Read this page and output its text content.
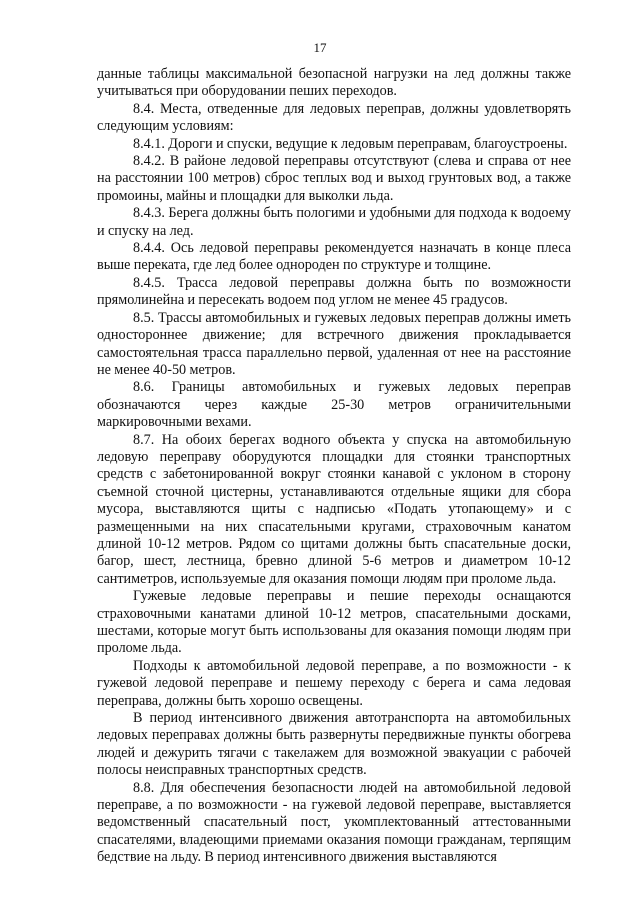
17

данные таблицы максимальной безопасной нагрузки на лед должны также учитываться при оборудовании пеших переходов.

8.4. Места, отведенные для ледовых переправ, должны удовлетворять следующим условиям:

8.4.1. Дороги и спуски, ведущие к ледовым переправам, благоустроены.

8.4.2. В районе ледовой переправы отсутствуют (слева и справа от нее на расстоянии 100 метров) сброс теплых вод и выход грунтовых вод, а также промоины, майны и площадки для выколки льда.

8.4.3. Берега должны быть пологими и удобными для подхода к водоему и спуску на лед.

8.4.4. Ось ледовой переправы рекомендуется назначать в конце плеса выше переката, где лед более однороден по структуре и толщине.

8.4.5. Трасса ледовой переправы должна быть по возможности прямолинейна и пересекать водоем под углом не менее 45 градусов.

8.5. Трассы автомобильных и гужевых ледовых переправ должны иметь одностороннее движение; для встречного движения прокладывается самостоятельная трасса параллельно первой, удаленная от нее на расстояние не менее 40-50 метров.

8.6. Границы автомобильных и гужевых ледовых переправ обозначаются через каждые 25-30 метров ограничительными маркировочными вехами.

8.7. На обоих берегах водного объекта у спуска на автомобильную ледовую переправу оборудуются площадки для стоянки транспортных средств с забетонированной вокруг стоянки канавой с уклоном в сторону съемной сточной цистерны, устанавливаются отдельные ящики для сбора мусора, выставляются щиты с надписью «Подать утопающему» и с размещенными на них спасательными кругами, страховочным канатом длиной 10-12 метров. Рядом со щитами должны быть спасательные доски, багор, шест, лестница, бревно длиной 5-6 метров и диаметром 10-12 сантиметров, используемые для оказания помощи людям при проломе льда.

Гужевые ледовые переправы и пешие переходы оснащаются страховочными канатами длиной 10-12 метров, спасательными досками, шестами, которые могут быть использованы для оказания помощи людям при проломе льда.

Подходы к автомобильной ледовой переправе, а по возможности - к гужевой ледовой переправе и пешему переходу с берега и сама ледовая переправа, должны быть хорошо освещены.

В период интенсивного движения автотранспорта на автомобильных ледовых переправах должны быть развернуты передвижные пункты обогрева людей и дежурить тягачи с такелажем для возможной эвакуации с рабочей полосы неисправных транспортных средств.

8.8. Для обеспечения безопасности людей на автомобильной ледовой переправе, а по возможности - на гужевой ледовой переправе, выставляется ведомственный спасательный пост, укомплектованный аттестованными спасателями, владеющими приемами оказания помощи гражданам, терпящим бедствие на льду. В период интенсивного движения выставляются
